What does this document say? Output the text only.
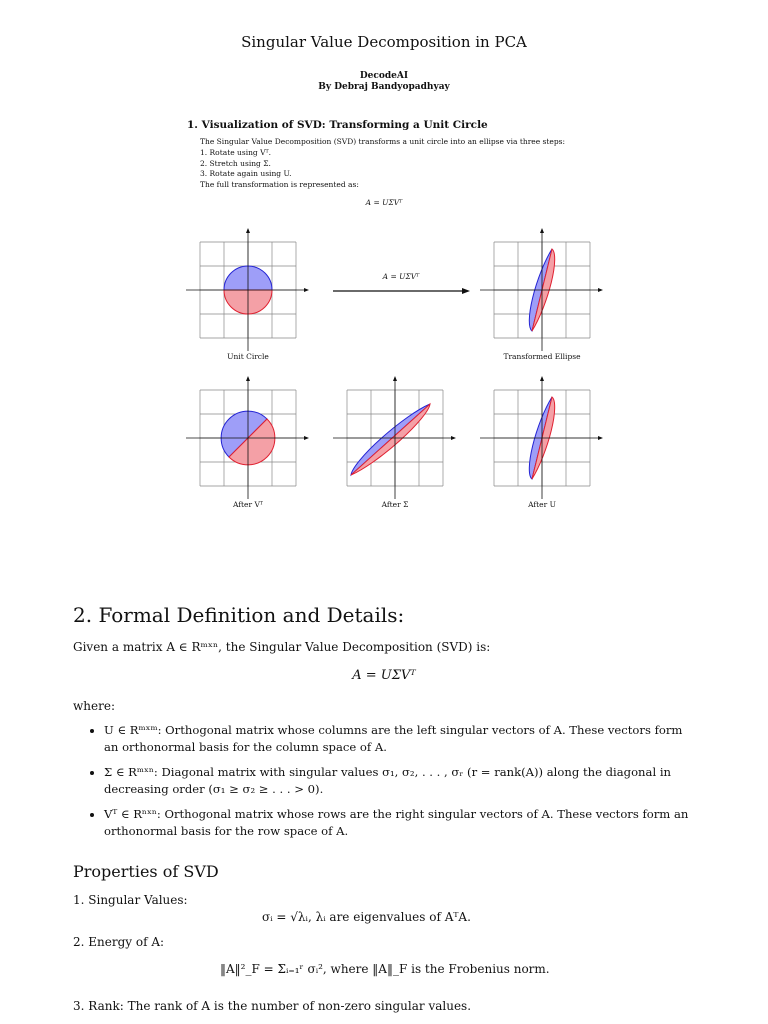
Singular Value Decomposition in PCA
DecodeAI
By Debraj Bandyopadhyay
1. Visualization of SVD: Transforming a Unit Circle
The Singular Value Decomposition (SVD) transforms a unit circle into an ellipse via three steps:
1. Rotate using Vᵀ.
2. Stretch using Σ.
3. Rotate again using U.
The full transformation is represented as:
A = UΣVᵀ
A = UΣVᵀ
Unit Circle	Transformed Ellipse
After Vᵀ	After Σ	After U
2. Formal Definition and Details:
Given a matrix A ∈ Rᵐˣⁿ, the Singular Value Decomposition (SVD) is:
A = UΣVᵀ
where:
• U ∈ Rᵐˣᵐ: Orthogonal matrix whose columns are the left singular vectors of A. These vectors form an orthonormal basis for the column space of A.
• Σ ∈ Rᵐˣⁿ: Diagonal matrix with singular values σ₁, σ₂, . . . , σᵣ (r = rank(A)) along the diagonal in decreasing order (σ₁ ≥ σ₂ ≥ . . . > 0).
• Vᵀ ∈ Rⁿˣⁿ: Orthogonal matrix whose rows are the right singular vectors of A. These vectors form an orthonormal basis for the row space of A.
Properties of SVD
1. Singular Values:
σᵢ = √λᵢ, λᵢ are eigenvalues of AᵀA.
2. Energy of A:
‖A‖²_F = Σᵢ₌₁ʳ σᵢ², where ‖A‖_F is the Frobenius norm.
3. Rank: The rank of A is the number of non-zero singular values.
